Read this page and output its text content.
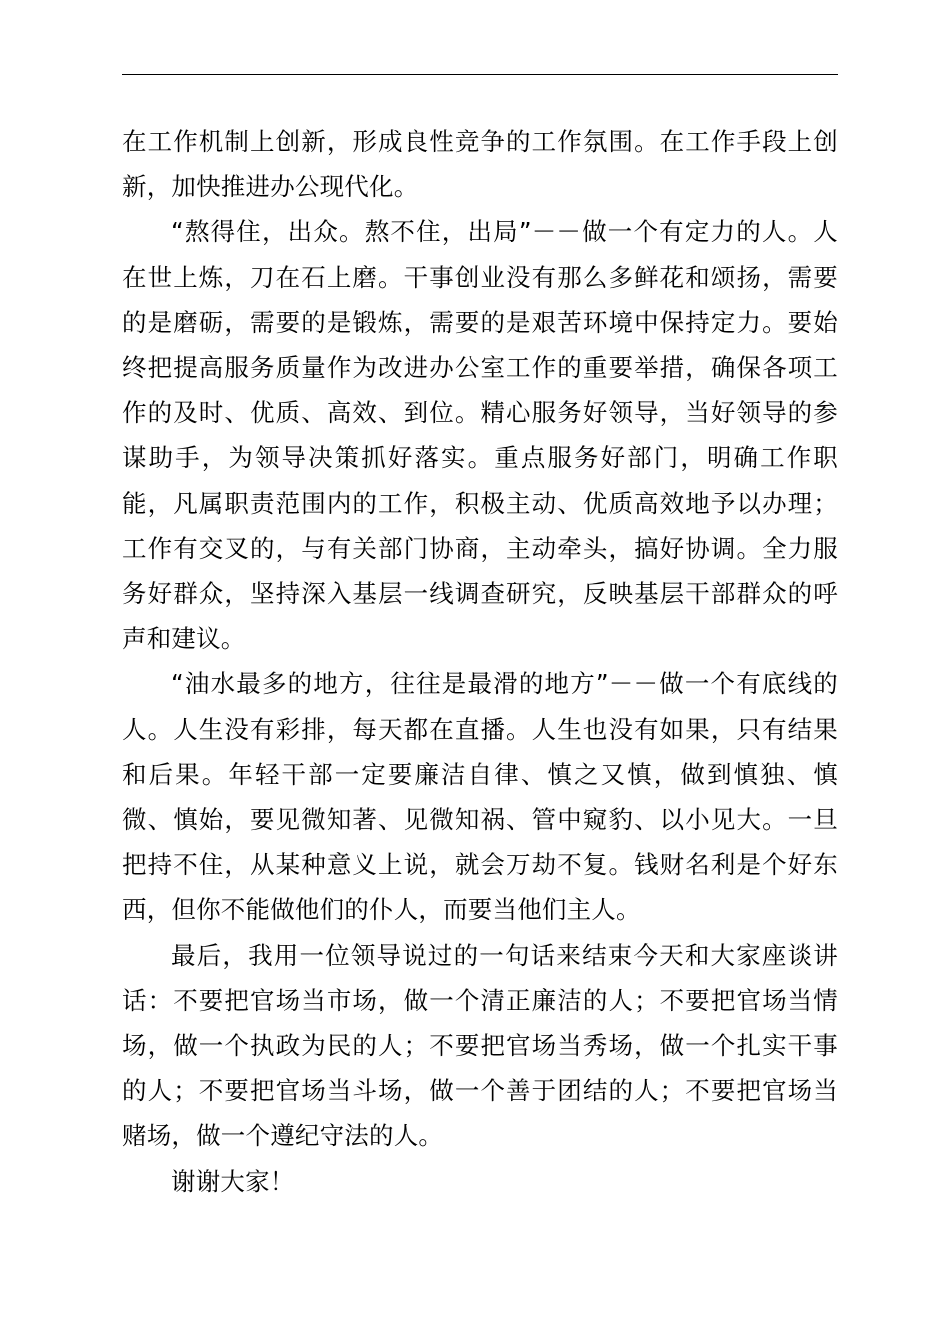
在工作机制上创新，形成良性竞争的工作氛围。在工作手段上创新，加快推进办公现代化。

“熬得住，出众。熬不住，出局”－－做一个有定力的人。人在世上炼，刀在石上磨。干事创业没有那么多鲜花和颂扬，需要的是磨砺，需要的是锻炼，需要的是艰苦环境中保持定力。要始终把提高服务质量作为改进办公室工作的重要举措，确保各项工作的及时、优质、高效、到位。精心服务好领导，当好领导的参谋助手，为领导决策抓好落实。重点服务好部门，明确工作职能，凡属职责范围内的工作，积极主动、优质高效地予以办理；工作有交叉的，与有关部门协商，主动牵头，搞好协调。全力服务好群众，坚持深入基层一线调查研究，反映基层干部群众的呼声和建议。

“油水最多的地方，往往是最滑的地方”－－做一个有底线的人。人生没有彩排，每天都在直播。人生也没有如果，只有结果和后果。年轻干部一定要廉洁自律、慎之又慎，做到慎独、慎微、慎始，要见微知著、见微知祸、管中窥豹、以小见大。一旦把持不住，从某种意义上说，就会万劫不复。钱财名利是个好东西，但你不能做他们的仆人，而要当他们主人。

最后，我用一位领导说过的一句话来结束今天和大家座谈讲话：不要把官场当市场，做一个清正廉洁的人；不要把官场当情场，做一个执政为民的人；不要把官场当秀场，做一个扎实干事的人；不要把官场当斗场，做一个善于团结的人；不要把官场当赌场，做一个遵纪守法的人。

谢谢大家！
